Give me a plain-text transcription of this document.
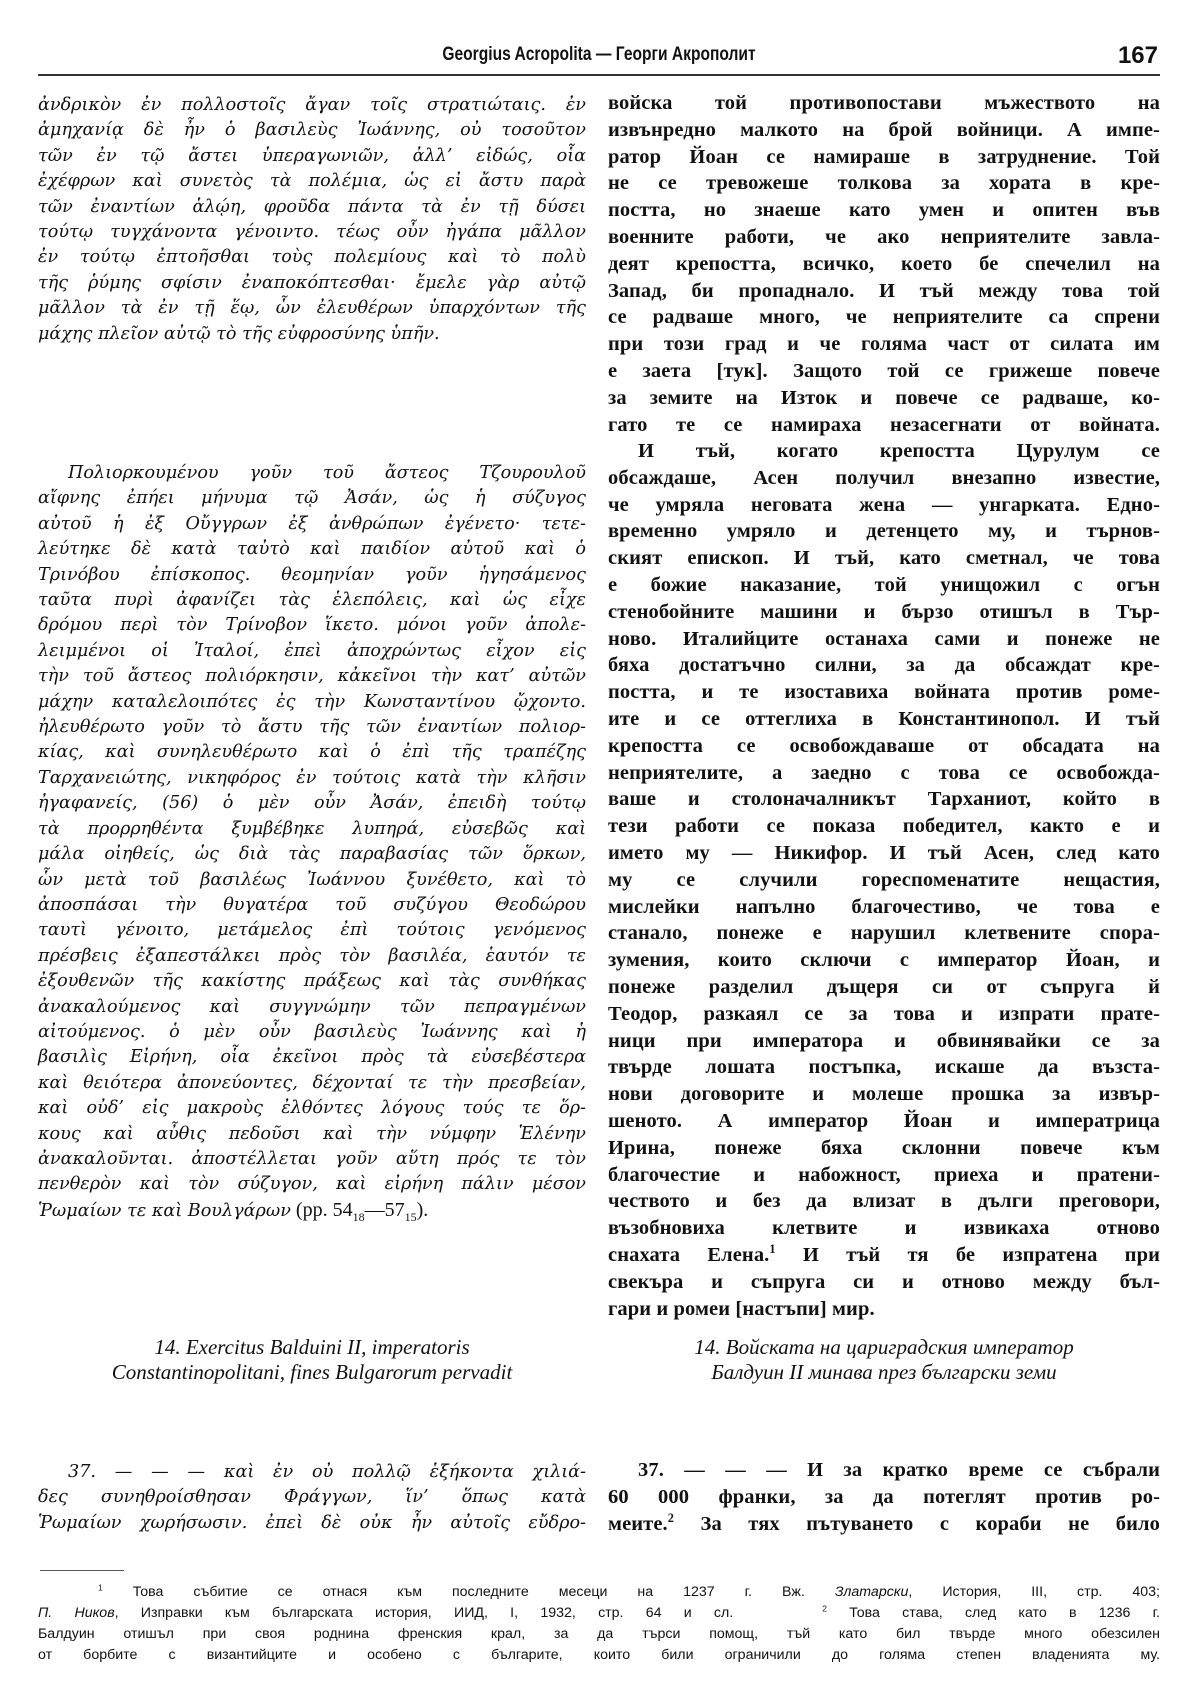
Georgius Acropolita — Георги Акрополит	167
ἀνδρικὸν ἐν πολλοστοῖς ἄγαν τοῖς στρατιώταις. ἐν
ἀμηχανίᾳ δὲ ἦν ὁ βασιλεὺς Ἰωάννης, οὐ τοσοῦτον
τῶν ἐν τῷ ἄστει ὑπεραγωνιῶν, ἀλλ’ εἰδώς, οἷα
ἐχέφρων καὶ συνετὸς τὰ πολέμια, ὡς εἰ ἄστυ παρὰ
τῶν ἐναντίων ἁλῴη, φροῦδα πάντα τὰ ἐν τῇ δύσει
τούτῳ τυγχάνοντα γένοιντο. τέως οὖν ἠγάπα μᾶλλον
ἐν τούτῳ ἐπτοῆσθαι τοὺς πολεμίους καὶ τὸ πολὺ
τῆς ῥύμης σφίσιν ἐναποκόπτεσθαι· ἔμελε γὰρ αὐτῷ
μᾶλλον τὰ ἐν τῇ ἕῳ, ὧν ἐλευθέρων ὑπαρχόντων τῆς
μάχης πλεῖον αὐτῷ τὸ τῆς εὐφροσύνης ὑπῆν.
Πολιορκουμένου γοῦν τοῦ ἄστεος Τζουρουλοῦ
αἴφνης ἐπήει μήνυμα τῷ Ἀσάν, ὡς ἡ σύζυγος
αὐτοῦ ἡ ἐξ Οὔγγρων ἐξ ἀνθρώπων ἐγένετο· τετε-
λεύτηκε δὲ κατὰ ταὐτὸ καὶ παιδίον αὐτοῦ καὶ ὁ
Τρινόβου ἐπίσκοπος. θεομηνίαν γοῦν ἡγησάμενος
ταῦτα πυρὶ ἀφανίζει τὰς ἑλεπόλεις, καὶ ὡς εἶχε
δρόμου περὶ τὸν Τρίνοβον ἵκετο. μόνοι γοῦν ἀπολε-
λειμμένοι οἱ Ἰταλοί, ἐπεὶ ἀποχρώντως εἶχον εἰς
τὴν τοῦ ἄστεος πολιόρκησιν, κἀκεῖνοι τὴν κατ’ αὐτῶν
μάχην καταλελοιπότες ἐς τὴν Κωνσταντίνου ᾤχοντο.
ἠλευθέρωτο γοῦν τὸ ἄστυ τῆς τῶν ἐναντίων πολιορ-
κίας, καὶ συνηλευθέρωτο καὶ ὁ ἐπὶ τῆς τραπέζης
Ταρχανειώτης, νικηφόρος ἐν τούτοις κατὰ τὴν κλῆσιν
ἠγαφανείς, (56) ὁ μὲν οὖν Ἀσάν, ἐπειδὴ τούτῳ
τὰ προρρηθέντα ξυμβέβηκε λυπηρά, εὐσεβῶς καὶ
μάλα οἰηθείς, ὡς διὰ τὰς παραβασίας τῶν ὅρκων,
ὧν μετὰ τοῦ βασιλέως Ἰωάννου ξυνέθετο, καὶ τὸ
ἀποσπάσαι τὴν θυγατέρα τοῦ συζύγου Θεοδώρου
ταυτὶ γένοιτο, μετάμελος ἐπὶ τούτοις γενόμενος
πρέσβεις ἐξαπεστάλκει πρὸς τὸν βασιλέα, ἑαυτόν τε
ἐξουθενῶν τῆς κακίστης πράξεως καὶ τὰς συνθήκας
ἀνακαλούμενος καὶ συγγνώμην τῶν πεπραγμένων
αἰτούμενος. ὁ μὲν οὖν βασιλεὺς Ἰωάννης καὶ ἡ
βασιλὶς Εἰρήνη, οἷα ἐκεῖνοι πρὸς τὰ εὐσεβέστερα
καὶ θειότερα ἀπονεύοντες, δέχονταί τε τὴν πρεσβείαν,
καὶ οὐδ’ εἰς μακροὺς ἐλθόντες λόγους τούς τε ὅρ-
κους καὶ αὖθις πεδοῦσι καὶ τὴν νύμφην Ἑλένην
ἀνακαλοῦνται. ἀποστέλλεται γοῦν αὕτη πρός τε τὸν
πενθερὸν καὶ τὸν σύζυγον, καὶ εἰρήνη πάλιν μέσον
Ῥωμαίων τε καὶ Βουλγάρων (pp. $54_{18}—57_{15}$).
14. Exercitus Balduini II, imperatoris
Constantinopolitani, fines Bulgarorum pervadit
37. — — — καὶ ἐν οὐ πολλῷ ἑξήκοντα χιλιά-
δες συνηθροίσθησαν Φράγγων, ἵν’ ὅπως κατὰ
Ῥωμαίων χωρήσωσιν. ἐπεὶ δὲ οὐκ ἦν αὐτοῖς εὔδρο-
войска той противопостави мъжеството на
извънредно малкото на брой войници. А импе-
ратор Йоан се намираше в затруднение. Той
не се тревожеше толкова за хората в кре-
постта, но знаеше като умен и опитен във
военните работи, че ако неприятелите завла-
деят крепостта, всичко, което бе спечелил на
Запад, би пропаднало. И тъй между това той
се радваше много, че неприятелите са спрени
при този град и че голяма част от силата им
е заета [тук]. Защото той се грижеше повече
за земите на Изток и повече се радваше, ко-
гато те се намираха незасегнати от войната.
И тъй, когато крепостта Цурулум се
обсаждаше, Асен получил внезапно известие,
че умряла неговата жена — унгарката. Едно-
временно умряло и детенцето му, и търнов-
ският епископ. И тъй, като сметнал, че това
е божие наказание, той унищожил с огън
стенобойните машини и бързо отишъл в Тър-
ново. Италийците останаха сами и понеже не
бяха достатъчно силни, за да обсаждат кре-
постта, и те изоставиха войната против роме-
ите и се оттеглиха в Константинопол. И тъй
крепостта се освобождаваше от обсадата на
неприятелите, а заедно с това се освобожда-
ваше и столоначалникът Тарханиот, който в
тези работи се показа победител, както е и
името му — Никифор. И тъй Асен, след като
му се случили гореспоменатите нещастия,
мислейки напълно благочестиво, че това е
станало, понеже е нарушил клетвените спора-
зумения, които сключи с император Йоан, и
понеже разделил дъщеря си от съпруга й
Теодор, разкаял се за това и изпрати прате-
ници при императора и обвинявайки се за
твърде лошата постъпка, искаше да възста-
нови договорите и молеше прошка за извър-
шеното. А император Йоан и императрица
Ирина, понеже бяха склонни повече към
благочестие и набожност, приеха и пратени-
чеството и без да влизат в дълги преговори,
възобновиха клетвите и извикаха отново
снахата Елена.$^1$ И тъй тя бе изпратена при
свекъра и съпруга си и отново между бъл-
гари и ромеи [настъпи] мир.
14. Войската на цариградския император
Балдуин II минава през български земи
37. — — — И за кратко време се събрали
60 000 франки, за да потеглят против ро-
меите.$^2$ За тях пътуването с кораби не било
$^1$ Това събитие се отнася към последните месеци на 1237 г. Вж. Златарски, История, III, стр. 403;
П. Ников, Изправки към българската история, ИИД, I, 1932, стр. 64 и сл.	$^2$ Това става, след като в 1236 г.
Балдуин отишъл при своя роднина френския крал, за да търси помощ, тъй като бил твърде много обезсилен
от борбите с византийците и особено с българите, които били ограничили до голяма степен владенията му.
